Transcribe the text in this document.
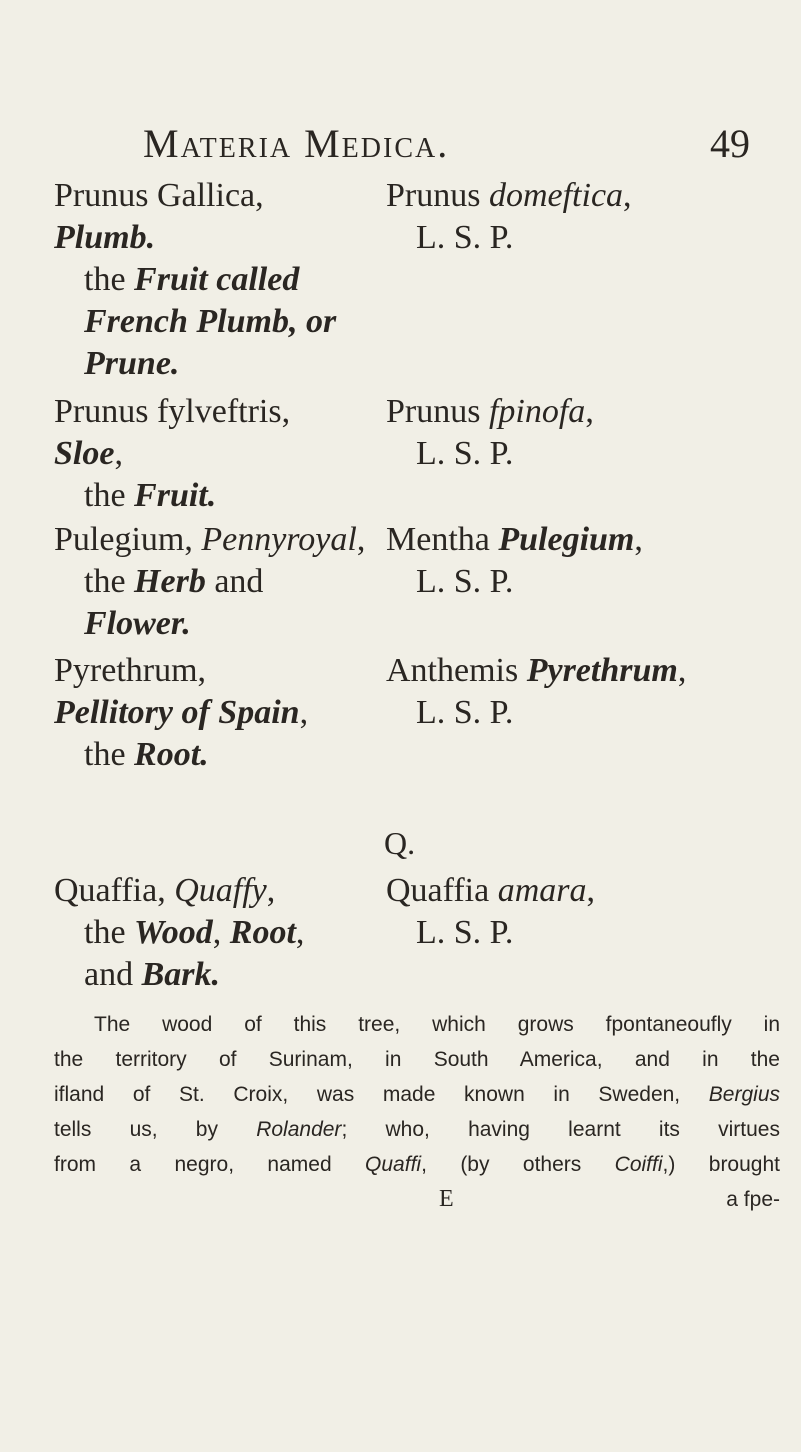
Materia Medica.	49
Prunus Gallica,
Plumb.
the Fruit called
French Plumb, or
Prune.
Prunus domeftica,
L. S. P.
Prunus fylveftris,
Sloe,
the Fruit.
Prunus fpinofa,
L. S. P.
Pulegium, Pennyroyal,
the Herb and
Flower.
Mentha Pulegium,
L. S. P.
Pyrethrum,
Pellitory of Spain,
the Root.
Anthemis Pyrethrum,
L. S. P.
Q.
Quaffia, Quaffy,
the Wood, Root,
and Bark.
Quaffia amara,
L. S. P.
The wood of this tree, which grows fpontaneoufly in
the territory of Surinam, in South America, and in the
ifland of St. Croix, was made known in Sweden, Bergius
tells us, by Rolander; who, having learnt its virtues
from a negro, named Quaffi, (by others Coiffi,) brought
E	a fpe-
